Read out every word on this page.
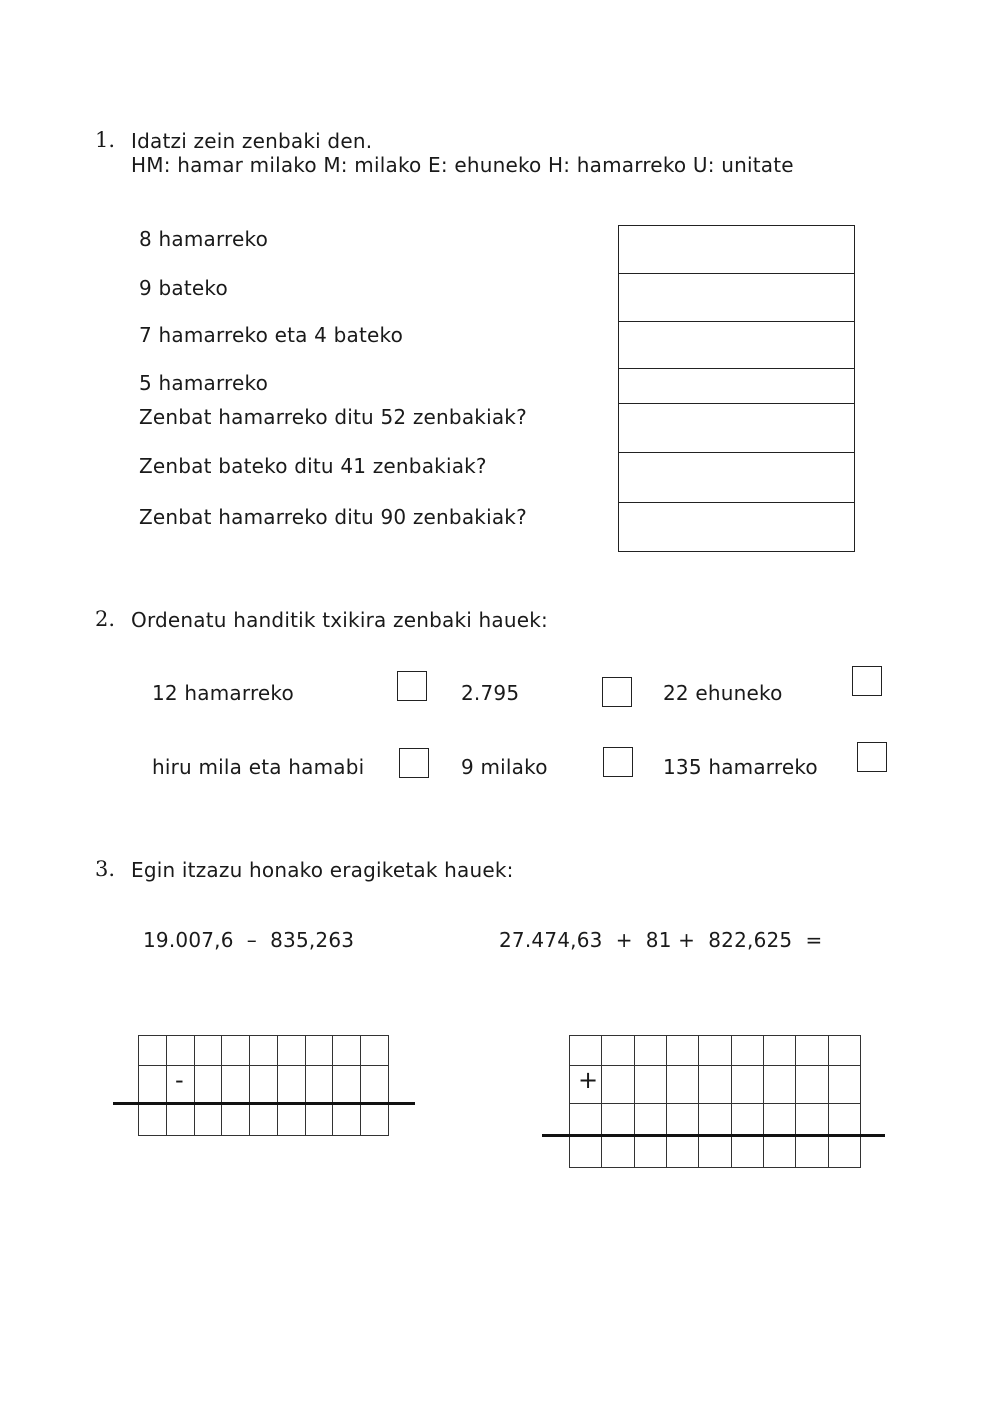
1. Idatzi zein zenbaki den.
HM: hamar milako M: milako E: ehuneko H: hamarreko U: unitate
8 hamarreko
9 bateko
7 hamarreko eta 4 bateko
5 hamarreko
Zenbat hamarreko ditu 52 zenbakiak?
Zenbat bateko ditu 41 zenbakiak?
Zenbat hamarreko ditu 90 zenbakiak?
2. Ordenatu handitik txikira zenbaki hauek:
12 hamarreko	2.795	22 ehuneko
hiru mila eta hamabi	9 milako	135 hamarreko
3. Egin itzazu honako eragiketak hauek:
19.007,6  –  835,263	27.474,63  +  81 +  822,625  =

-

									+
